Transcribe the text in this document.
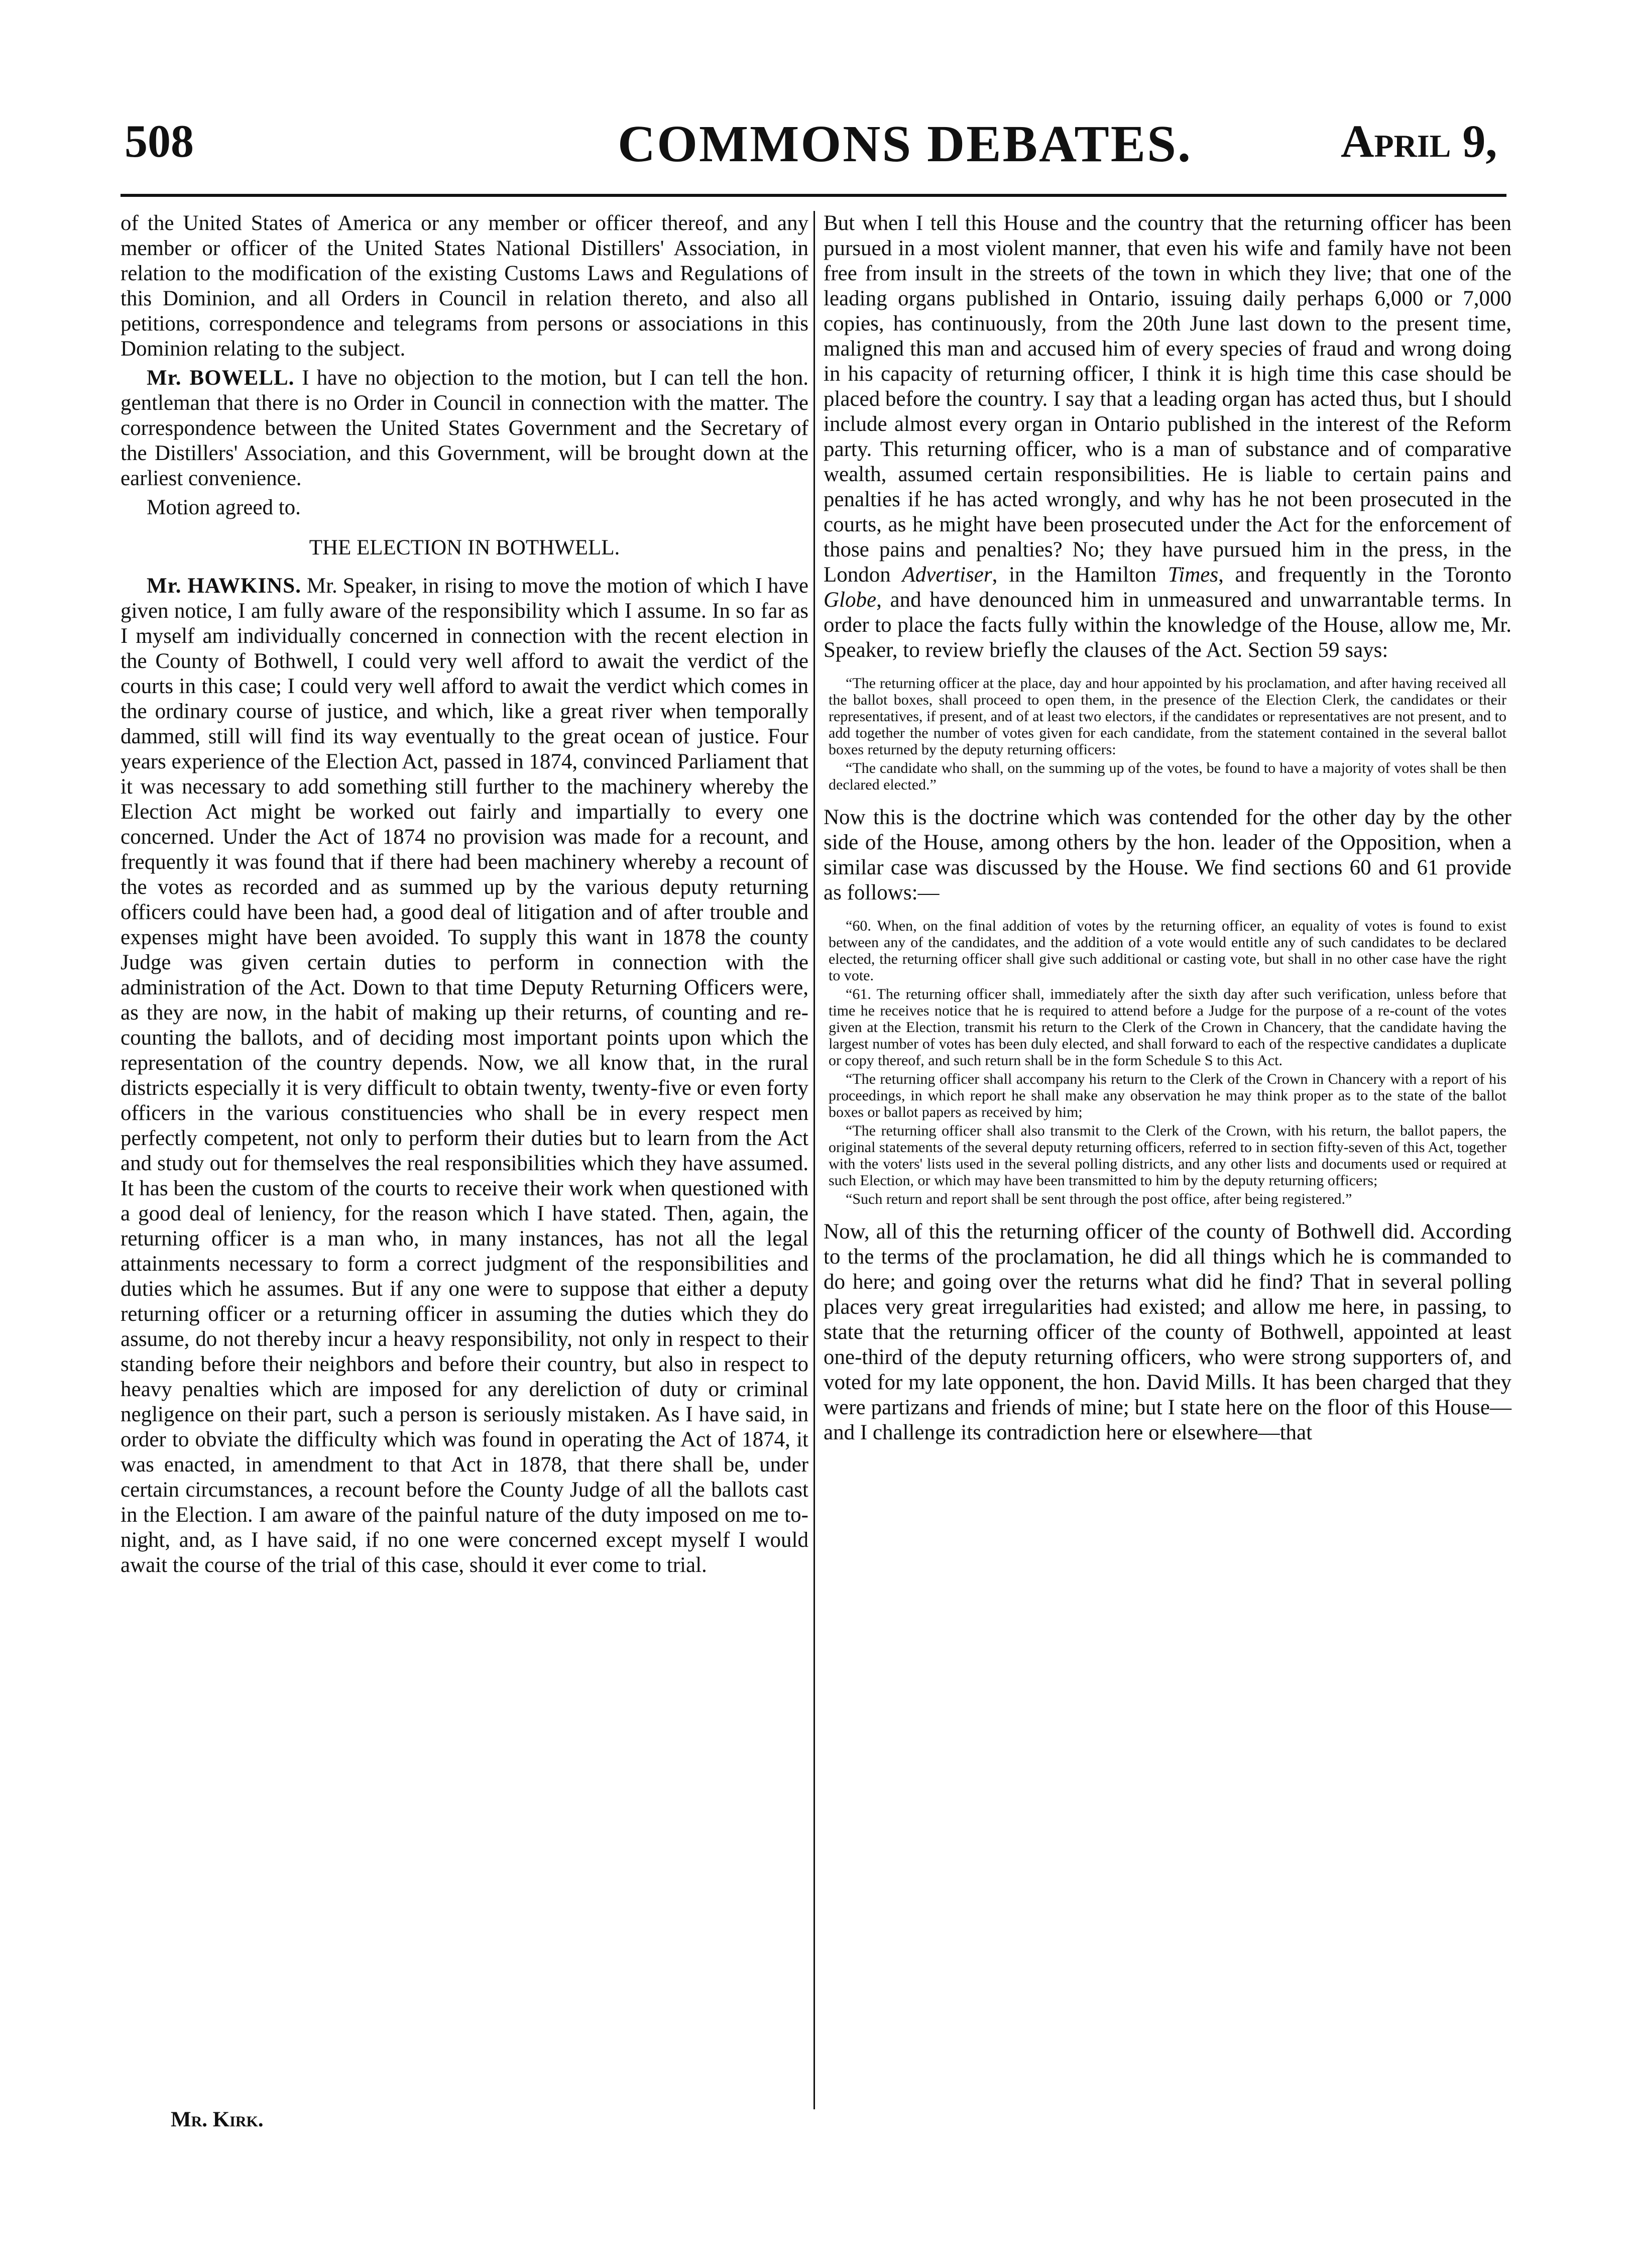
508	COMMONS DEBATES.	April 9,

of the United States of America or any member or officer thereof, and any member or officer of the United States National Distillers' Association, in relation to the modification of the existing Customs Laws and Regulations of this Dominion, and all Orders in Council in relation thereto, and also all petitions, correspondence and telegrams from persons or associations in this Dominion relating to the subject.

Mr. BOWELL. I have no objection to the motion, but I can tell the hon. gentleman that there is no Order in Council in connection with the matter. The correspondence between the United States Government and the Secretary of the Distillers' Association, and this Government, will be brought down at the earliest convenience.

Motion agreed to.

THE ELECTION IN BOTHWELL.

Mr. HAWKINS. Mr. Speaker, in rising to move the motion of which I have given notice, I am fully aware of the responsibility which I assume. In so far as I myself am individually concerned in connection with the recent election in the County of Bothwell, I could very well afford to await the verdict of the courts in this case; I could very well afford to await the verdict which comes in the ordinary course of justice, and which, like a great river when temporally dammed, still will find its way eventually to the great ocean of justice. Four years experience of the Election Act, passed in 1874, convinced Parliament that it was necessary to add something still further to the machinery whereby the Election Act might be worked out fairly and impartially to every one concerned. Under the Act of 1874 no provision was made for a recount, and frequently it was found that if there had been machinery whereby a recount of the votes as recorded and as summed up by the various deputy returning officers could have been had, a good deal of litigation and of after trouble and expenses might have been avoided. To supply this want in 1878 the county Judge was given certain duties to perform in connection with the administration of the Act. Down to that time Deputy Returning Officers were, as they are now, in the habit of making up their returns, of counting and re-counting the ballots, and of deciding most important points upon which the representation of the country depends. Now, we all know that, in the rural districts especially it is very difficult to obtain twenty, twenty-five or even forty officers in the various constituencies who shall be in every respect men perfectly competent, not only to perform their duties but to learn from the Act and study out for themselves the real responsibilities which they have assumed. It has been the custom of the courts to receive their work when questioned with a good deal of leniency, for the reason which I have stated. Then, again, the returning officer is a man who, in many instances, has not all the legal attainments necessary to form a correct judgment of the responsibilities and duties which he assumes. But if any one were to suppose that either a deputy returning officer or a returning officer in assuming the duties which they do assume, do not thereby incur a heavy responsibility, not only in respect to their standing before their neighbors and before their country, but also in respect to heavy penalties which are imposed for any dereliction of duty or criminal negligence on their part, such a person is seriously mistaken. As I have said, in order to obviate the difficulty which was found in operating the Act of 1874, it was enacted, in amendment to that Act in 1878, that there shall be, under certain circumstances, a recount before the County Judge of all the ballots cast in the Election. I am aware of the painful nature of the duty imposed on me to-night, and, as I have said, if no one were concerned except myself I would await the course of the trial of this case, should it ever come to trial.

But when I tell this House and the country that the returning officer has been pursued in a most violent manner, that even his wife and family have not been free from insult in the streets of the town in which they live; that one of the leading organs published in Ontario, issuing daily perhaps 6,000 or 7,000 copies, has continuously, from the 20th June last down to the present time, maligned this man and accused him of every species of fraud and wrong doing in his capacity of returning officer, I think it is high time this case should be placed before the country. I say that a leading organ has acted thus, but I should include almost every organ in Ontario published in the interest of the Reform party. This returning officer, who is a man of substance and of comparative wealth, assumed certain responsibilities. He is liable to certain pains and penalties if he has acted wrongly, and why has he not been prosecuted in the courts, as he might have been prosecuted under the Act for the enforcement of those pains and penalties? No; they have pursued him in the press, in the London Advertiser, in the Hamilton Times, and frequently in the Toronto Globe, and have denounced him in unmeasured and unwarrantable terms. In order to place the facts fully within the knowledge of the House, allow me, Mr. Speaker, to review briefly the clauses of the Act. Section 59 says:

“The returning officer at the place, day and hour appointed by his proclamation, and after having received all the ballot boxes, shall proceed to open them, in the presence of the Election Clerk, the candidates or their representatives, if present, and of at least two electors, if the candidates or representatives are not present, and to add together the number of votes given for each candidate, from the statement contained in the several ballot boxes returned by the deputy returning officers:

“The candidate who shall, on the summing up of the votes, be found to have a majority of votes shall be then declared elected.”

Now this is the doctrine which was contended for the other day by the other side of the House, among others by the hon. leader of the Opposition, when a similar case was discussed by the House. We find sections 60 and 61 provide as follows:—

“60. When, on the final addition of votes by the returning officer, an equality of votes is found to exist between any of the candidates, and the addition of a vote would entitle any of such candidates to be declared elected, the returning officer shall give such additional or casting vote, but shall in no other case have the right to vote.

“61. The returning officer shall, immediately after the sixth day after such verification, unless before that time he receives notice that he is required to attend before a Judge for the purpose of a re-count of the votes given at the Election, transmit his return to the Clerk of the Crown in Chancery, that the candidate having the largest number of votes has been duly elected, and shall forward to each of the respective candidates a duplicate or copy thereof, and such return shall be in the form Schedule S to this Act.

“The returning officer shall accompany his return to the Clerk of the Crown in Chancery with a report of his proceedings, in which report he shall make any observation he may think proper as to the state of the ballot boxes or ballot papers as received by him;

“The returning officer shall also transmit to the Clerk of the Crown, with his return, the ballot papers, the original statements of the several deputy returning officers, referred to in section fifty-seven of this Act, together with the voters' lists used in the several polling districts, and any other lists and documents used or required at such Election, or which may have been transmitted to him by the deputy returning officers;

“Such return and report shall be sent through the post office, after being registered.”

Now, all of this the returning officer of the county of Bothwell did. According to the terms of the proclamation, he did all things which he is commanded to do here; and going over the returns what did he find? That in several polling places very great irregularities had existed; and allow me here, in passing, to state that the returning officer of the county of Bothwell, appointed at least one-third of the deputy returning officers, who were strong supporters of, and voted for my late opponent, the hon. David Mills. It has been charged that they were partizans and friends of mine; but I state here on the floor of this House—and I challenge its contradiction here or elsewhere—that

Mr. Kirk.
